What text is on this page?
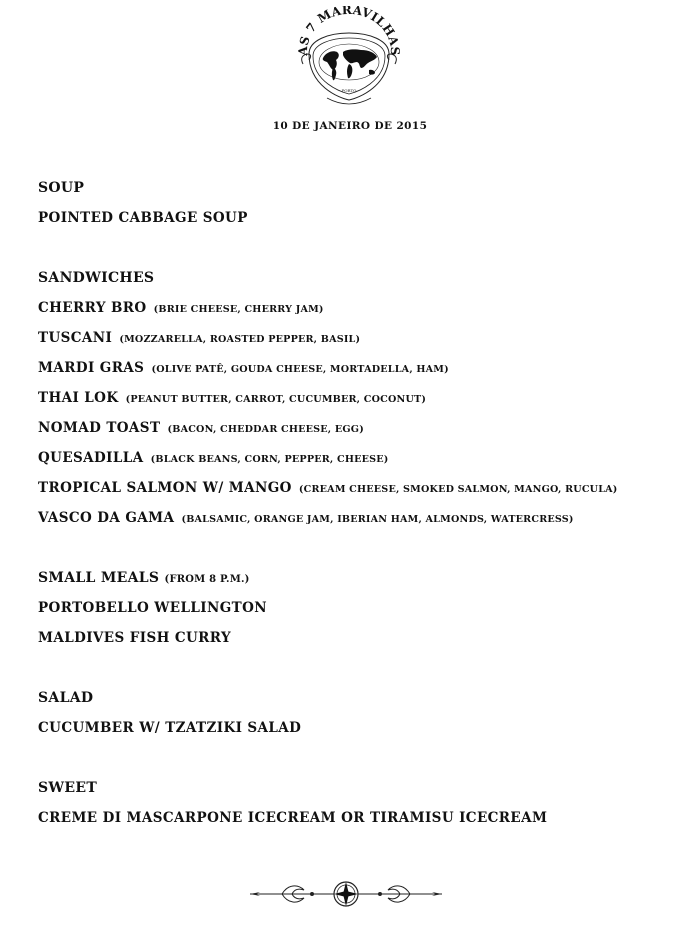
PORTO
AS 7 MARAVILHAS
10 DE JANEIRO DE 2015
SOUP
POINTED CABBAGE SOUP
SANDWICHES
CHERRY BRO (BRIE CHEESE, CHERRY JAM)
TUSCANI (MOZZARELLA, ROASTED PEPPER, BASIL)
MARDI GRAS (OLIVE PATÊ, GOUDA CHEESE, MORTADELLA, HAM)
THAI LOK (PEANUT BUTTER, CARROT, CUCUMBER, COCONUT)
NOMAD TOAST (BACON, CHEDDAR CHEESE, EGG)
QUESADILLA (BLACK BEANS, CORN, PEPPER, CHEESE)
TROPICAL SALMON W/ MANGO (CREAM CHEESE, SMOKED SALMON, MANGO, RUCULA)
VASCO DA GAMA (BALSAMIC, ORANGE JAM, IBERIAN HAM, ALMONDS, WATERCRESS)
SMALL MEALS (FROM 8 P.M.)
PORTOBELLO WELLINGTON
MALDIVES FISH CURRY
SALAD
CUCUMBER W/ TZATZIKI SALAD
SWEET
CREME DI MASCARPONE ICECREAM OR TIRAMISU ICECREAM
